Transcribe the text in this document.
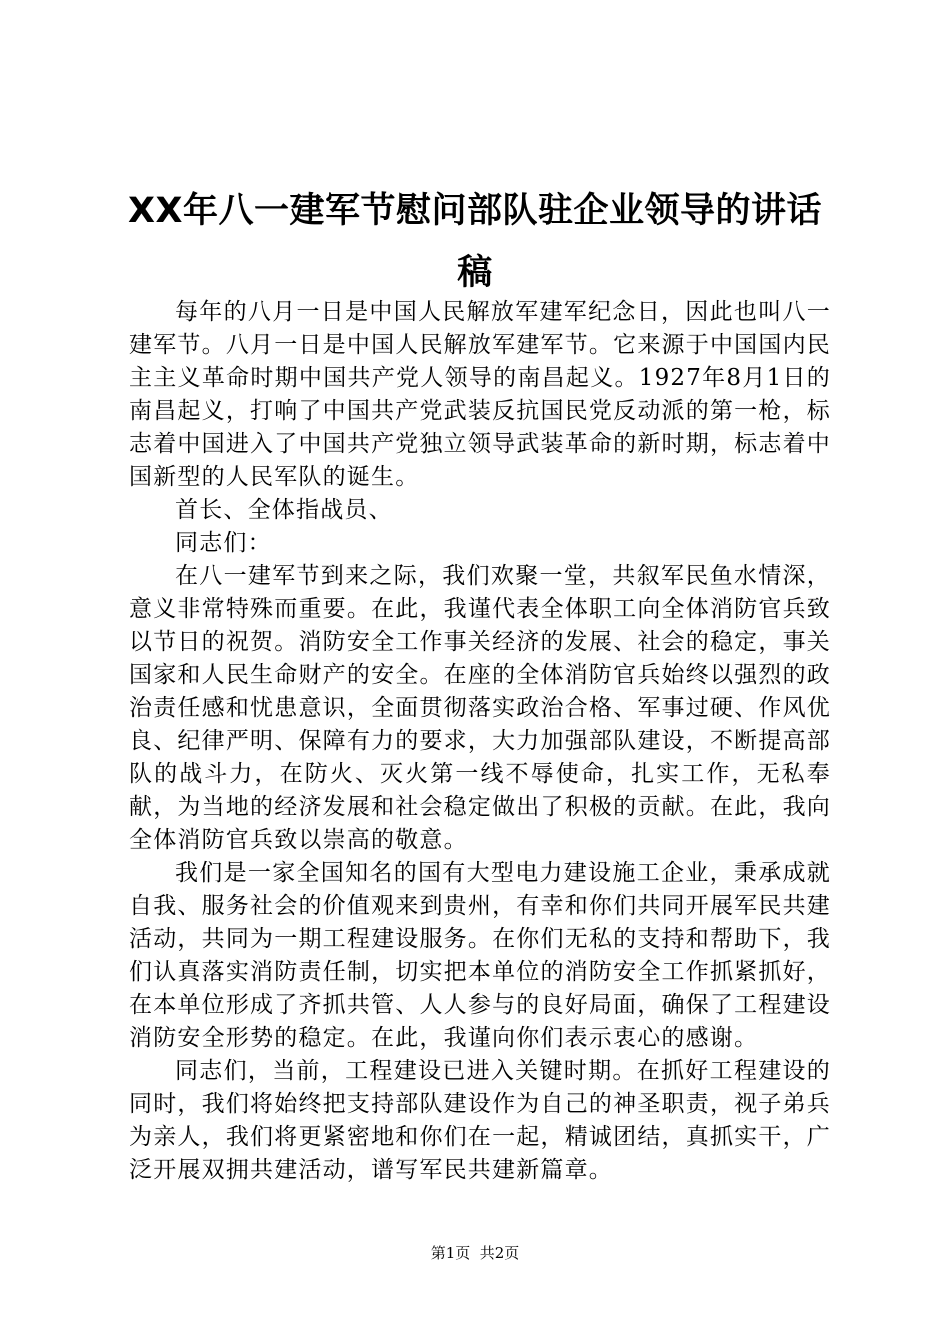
XX年八一建军节慰问部队驻企业领导的讲话
稿

每年的八月一日是中国人民解放军建军纪念日，因此也叫八一建军节。八月一日是中国人民解放军建军节。它来源于中国国内民主主义革命时期中国共产党人领导的南昌起义。1927年8月1日的南昌起义，打响了中国共产党武装反抗国民党反动派的第一枪，标志着中国进入了中国共产党独立领导武装革命的新时期，标志着中国新型的人民军队的诞生。

首长、全体指战员、

同志们：

在八一建军节到来之际，我们欢聚一堂，共叙军民鱼水情深，意义非常特殊而重要。在此，我谨代表全体职工向全体消防官兵致以节日的祝贺。消防安全工作事关经济的发展、社会的稳定，事关国家和人民生命财产的安全。在座的全体消防官兵始终以强烈的政治责任感和忧患意识，全面贯彻落实政治合格、军事过硬、作风优良、纪律严明、保障有力的要求，大力加强部队建设，不断提高部队的战斗力，在防火、灭火第一线不辱使命，扎实工作，无私奉献，为当地的经济发展和社会稳定做出了积极的贡献。在此，我向全体消防官兵致以崇高的敬意。

我们是一家全国知名的国有大型电力建设施工企业，秉承成就自我、服务社会的价值观来到贵州，有幸和你们共同开展军民共建活动，共同为一期工程建设服务。在你们无私的支持和帮助下，我们认真落实消防责任制，切实把本单位的消防安全工作抓紧抓好，在本单位形成了齐抓共管、人人参与的良好局面，确保了工程建设消防安全形势的稳定。在此，我谨向你们表示衷心的感谢。

同志们，当前，工程建设已进入关键时期。在抓好工程建设的同时，我们将始终把支持部队建设作为自己的神圣职责，视子弟兵为亲人，我们将更紧密地和你们在一起，精诚团结，真抓实干，广泛开展双拥共建活动，谱写军民共建新篇章。

第1页  共2页
